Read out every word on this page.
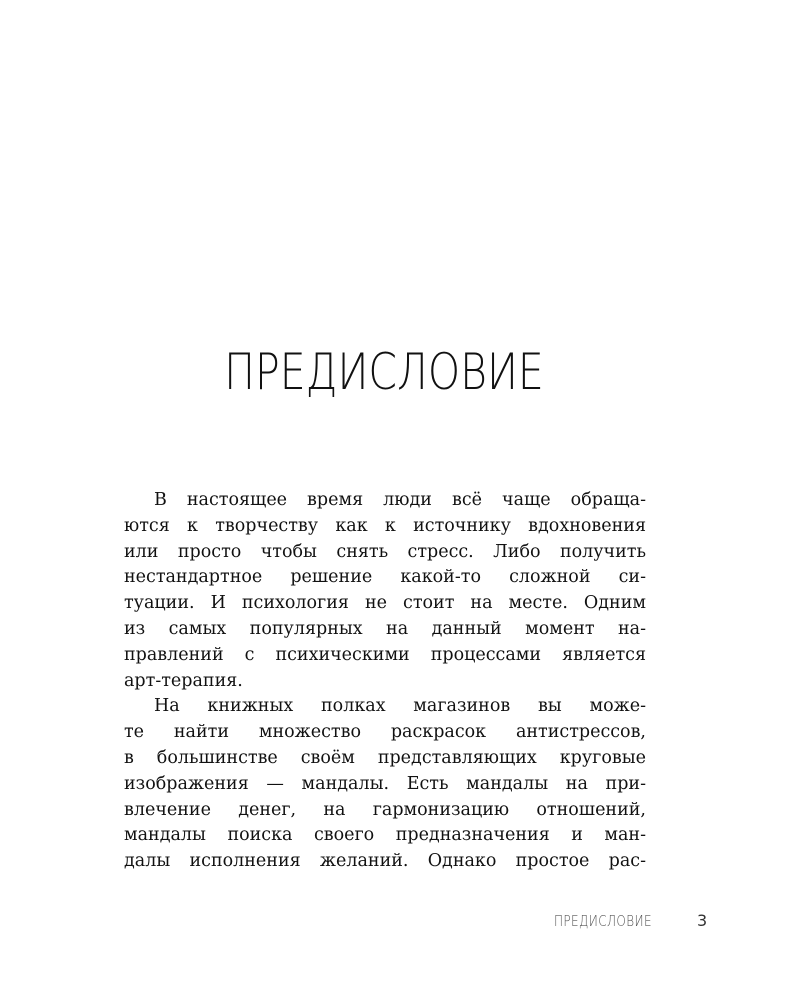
ПРЕДИСЛОВИЕ
В настоящее время люди всё чаще обраща-
ются к творчеству как к источнику вдохновения
или просто чтобы снять стресс. Либо получить
нестандартное решение какой-то сложной си-
туации. И психология не стоит на месте. Одним
из самых популярных на данный момент на-
правлений с психическими процессами является
арт-терапия.
На книжных полках магазинов вы може-
те найти множество раскрасок антистрессов,
в большинстве своём представляющих круговые
изображения — мандалы. Есть мандалы на при-
влечение денег, на гармонизацию отношений,
мандалы поиска своего предназначения и ман-
далы исполнения желаний. Однако простое рас-
ПРЕДИСЛОВИЕ	3
